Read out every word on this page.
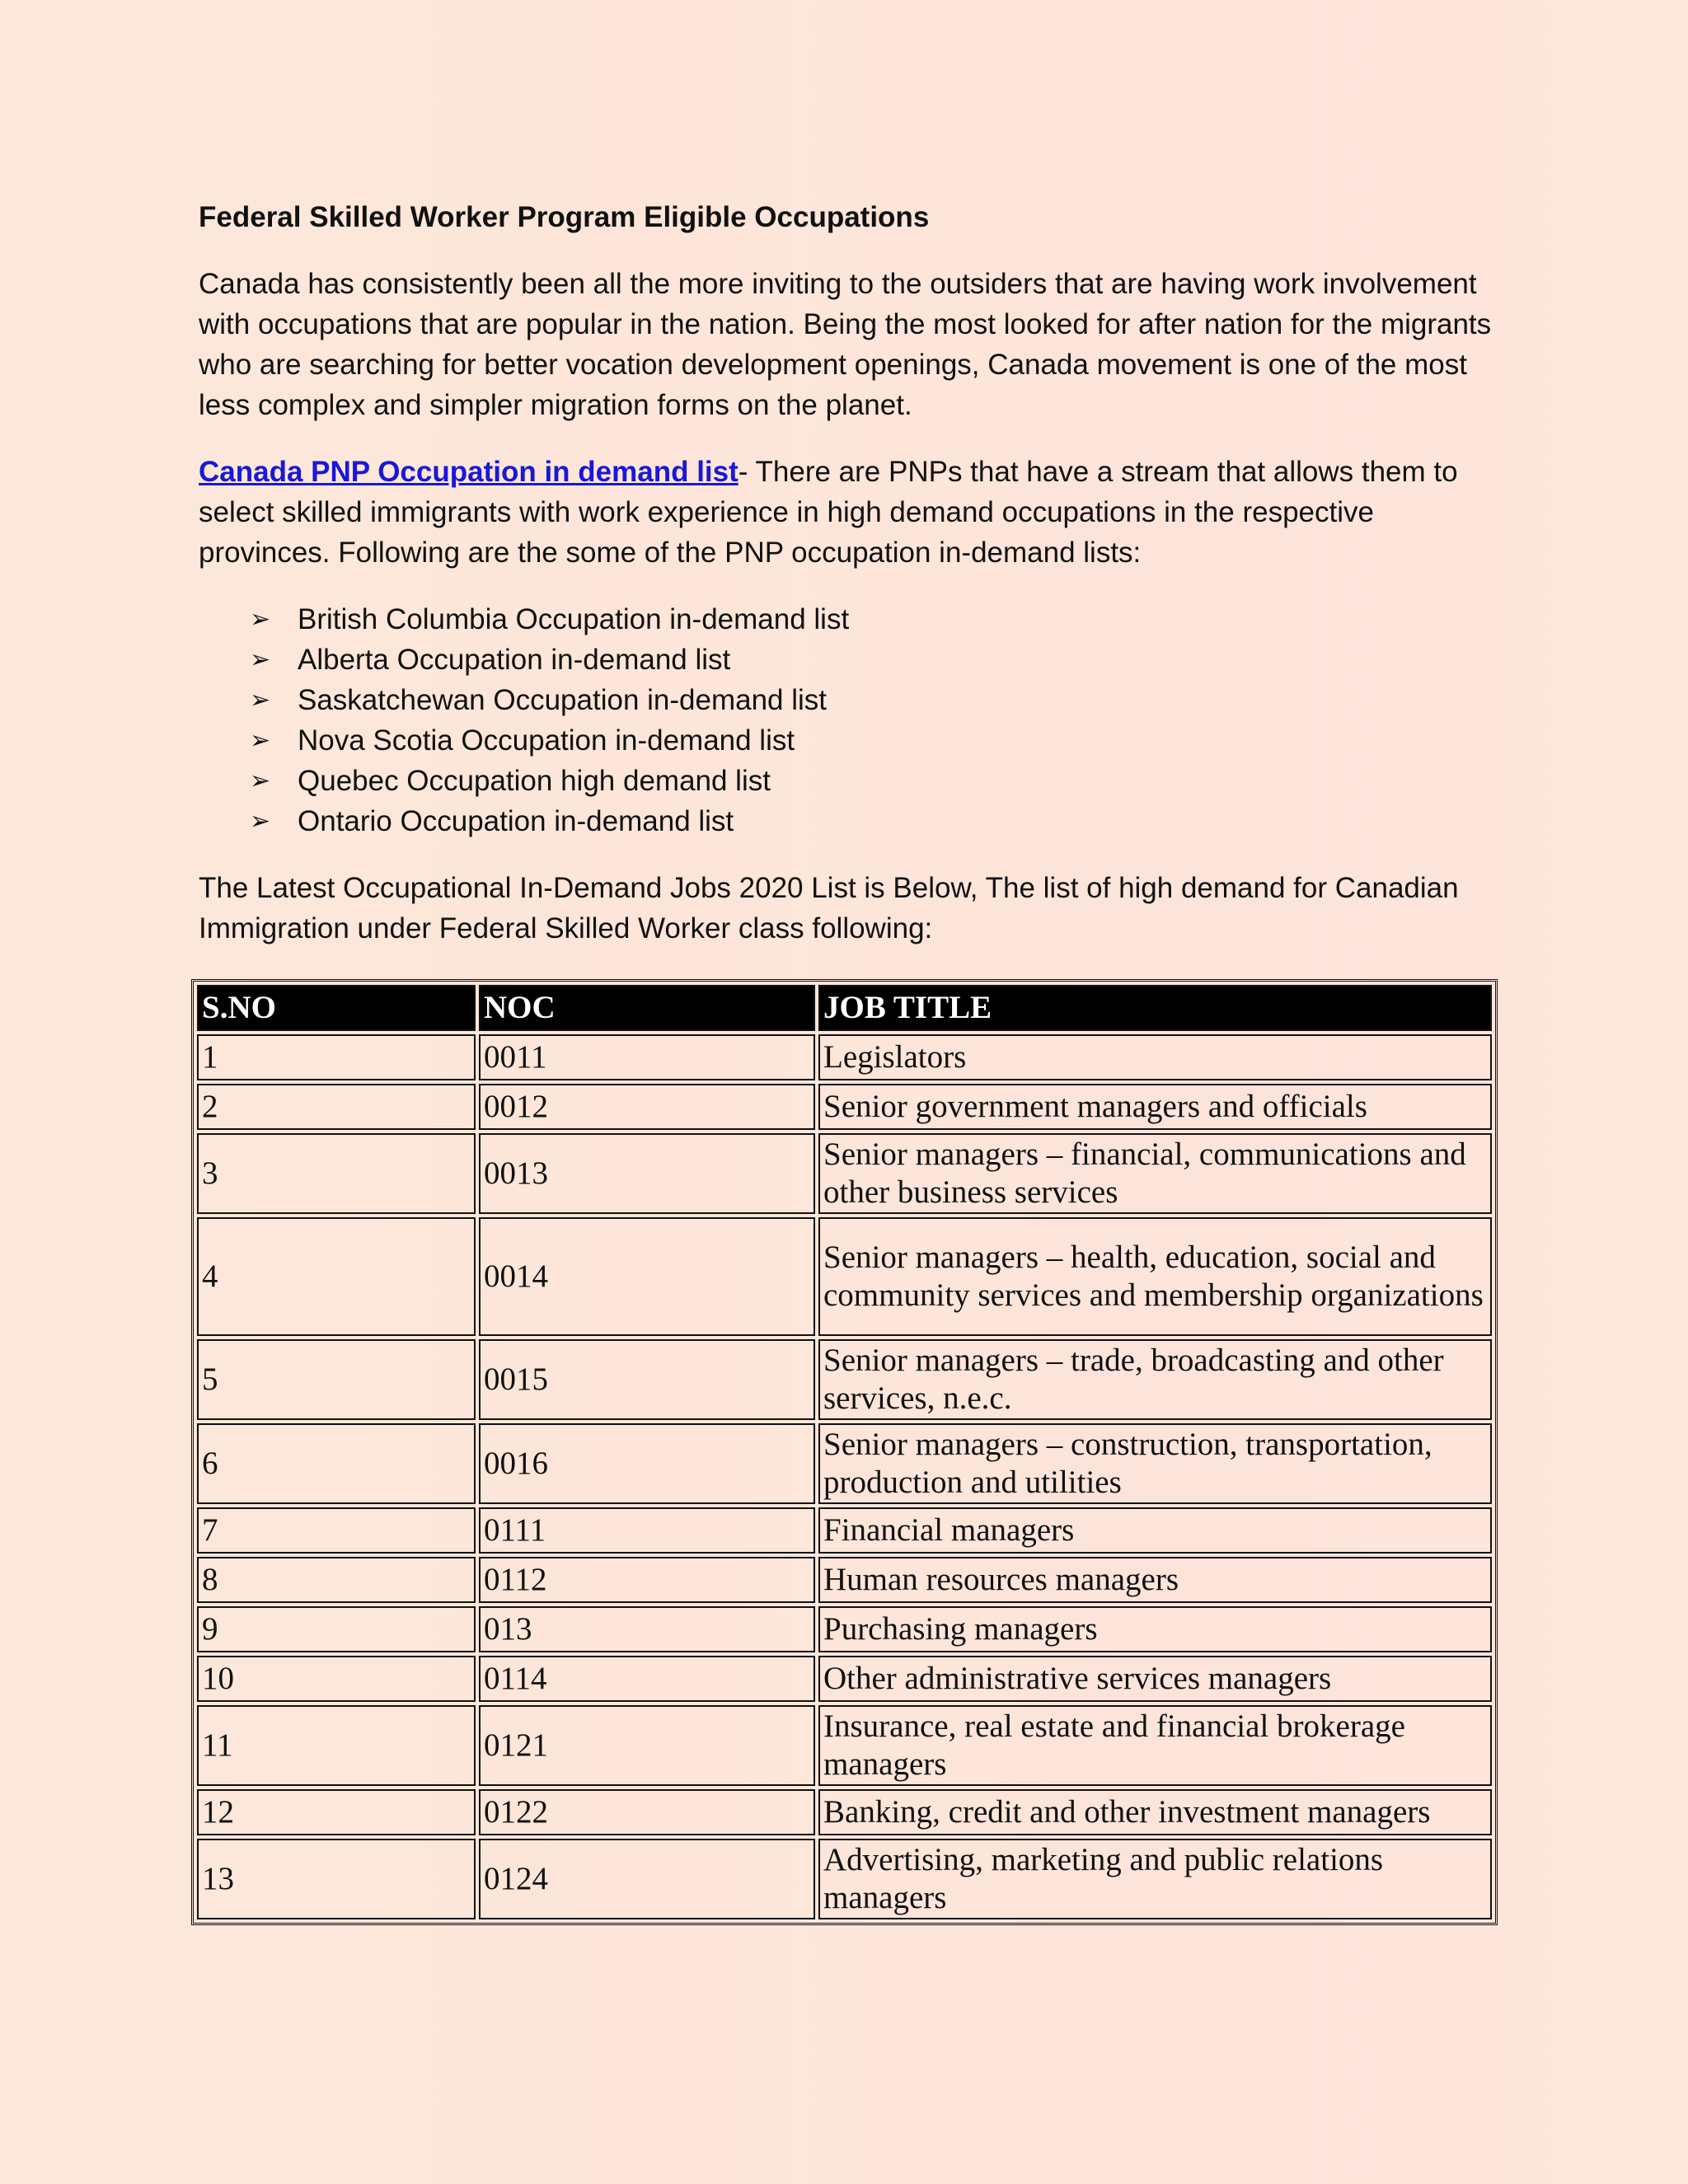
Federal Skilled Worker Program Eligible Occupations

Canada has consistently been all the more inviting to the outsiders that are having work involvement with occupations that are popular in the nation. Being the most looked for after nation for the migrants who are searching for better vocation development openings, Canada movement is one of the most less complex and simpler migration forms on the planet.

Canada PNP Occupation in demand list- There are PNPs that have a stream that allows them to select skilled immigrants with work experience in high demand occupations in the respective provinces. Following are the some of the PNP occupation in-demand lists:

➢ British Columbia Occupation in-demand list
➢ Alberta Occupation in-demand list
➢ Saskatchewan Occupation in-demand list
➢ Nova Scotia Occupation in-demand list
➢ Quebec Occupation high demand list
➢ Ontario Occupation in-demand list

The Latest Occupational In-Demand Jobs 2020 List is Below, The list of high demand for Canadian Immigration under Federal Skilled Worker class following:

S.NO	NOC	JOB TITLE
1	0011	Legislators
2	0012	Senior government managers and officials
3	0013	Senior managers – financial, communications and other business services
4	0014	Senior managers – health, education, social and community services and membership organizations
5	0015	Senior managers – trade, broadcasting and other services, n.e.c.
6	0016	Senior managers – construction, transportation, production and utilities
7	0111	Financial managers
8	0112	Human resources managers
9	013	Purchasing managers
10	0114	Other administrative services managers
11	0121	Insurance, real estate and financial brokerage managers
12	0122	Banking, credit and other investment managers
13	0124	Advertising, marketing and public relations managers
